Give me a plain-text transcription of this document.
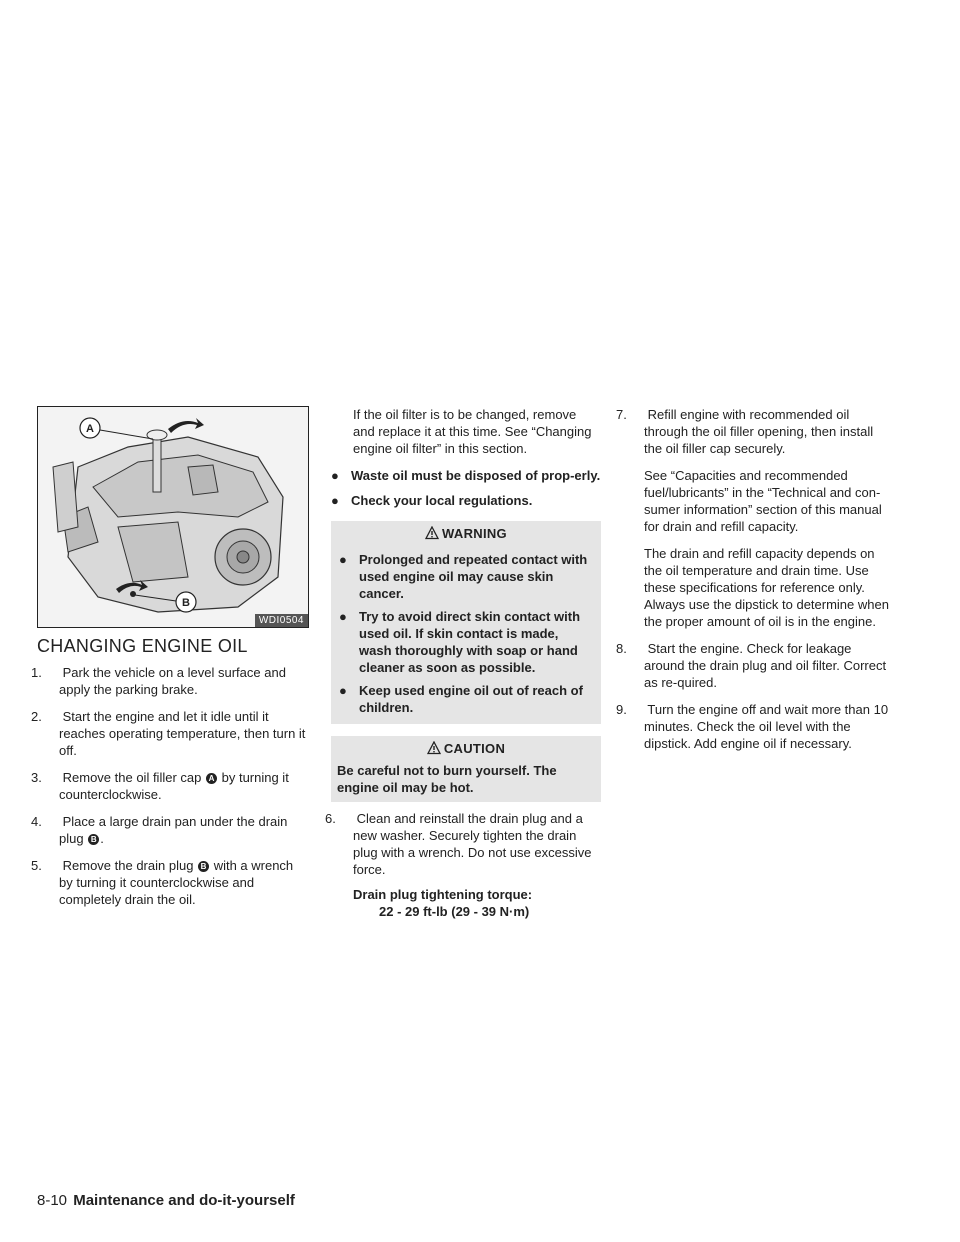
A
B
WDI0504
CHANGING ENGINE OIL

1. Park the vehicle on a level surface and apply the parking brake.

2. Start the engine and let it idle until it reaches operating temperature, then turn it off.

3. Remove the oil filler cap A by turning it counterclockwise.

4. Place a large drain pan under the drain plug B .

5. Remove the drain plug B with a wrench by turning it counterclockwise and completely drain the oil.

If the oil filter is to be changed, remove and replace it at this time. See “Changing engine oil filter” in this section.

● Waste oil must be disposed of prop-erly.

● Check your local regulations.

WARNING

● Prolonged and repeated contact with used engine oil may cause skin cancer.

● Try to avoid direct skin contact with used oil. If skin contact is made, wash thoroughly with soap or hand cleaner as soon as possible.

● Keep used engine oil out of reach of children.

CAUTION
Be careful not to burn yourself. The engine oil may be hot.

6. Clean and reinstall the drain plug and a new washer. Securely tighten the drain plug with a wrench. Do not use excessive force.

Drain plug tightening torque:

22 - 29 ft-lb (29 - 39 N·m)

7. Refill engine with recommended oil through the oil filler opening, then install the oil filler cap securely.

See “Capacities and recommended fuel/lubricants” in the “Technical and con-sumer information” section of this manual for drain and refill capacity.

The drain and refill capacity depends on the oil temperature and drain time. Use these specifications for reference only. Always use the dipstick to determine when the proper amount of oil is in the engine.

8. Start the engine. Check for leakage around the drain plug and oil filter. Correct as re-quired.

9. Turn the engine off and wait more than 10 minutes. Check the oil level with the dipstick. Add engine oil if necessary.

8-10 Maintenance and do-it-yourself
